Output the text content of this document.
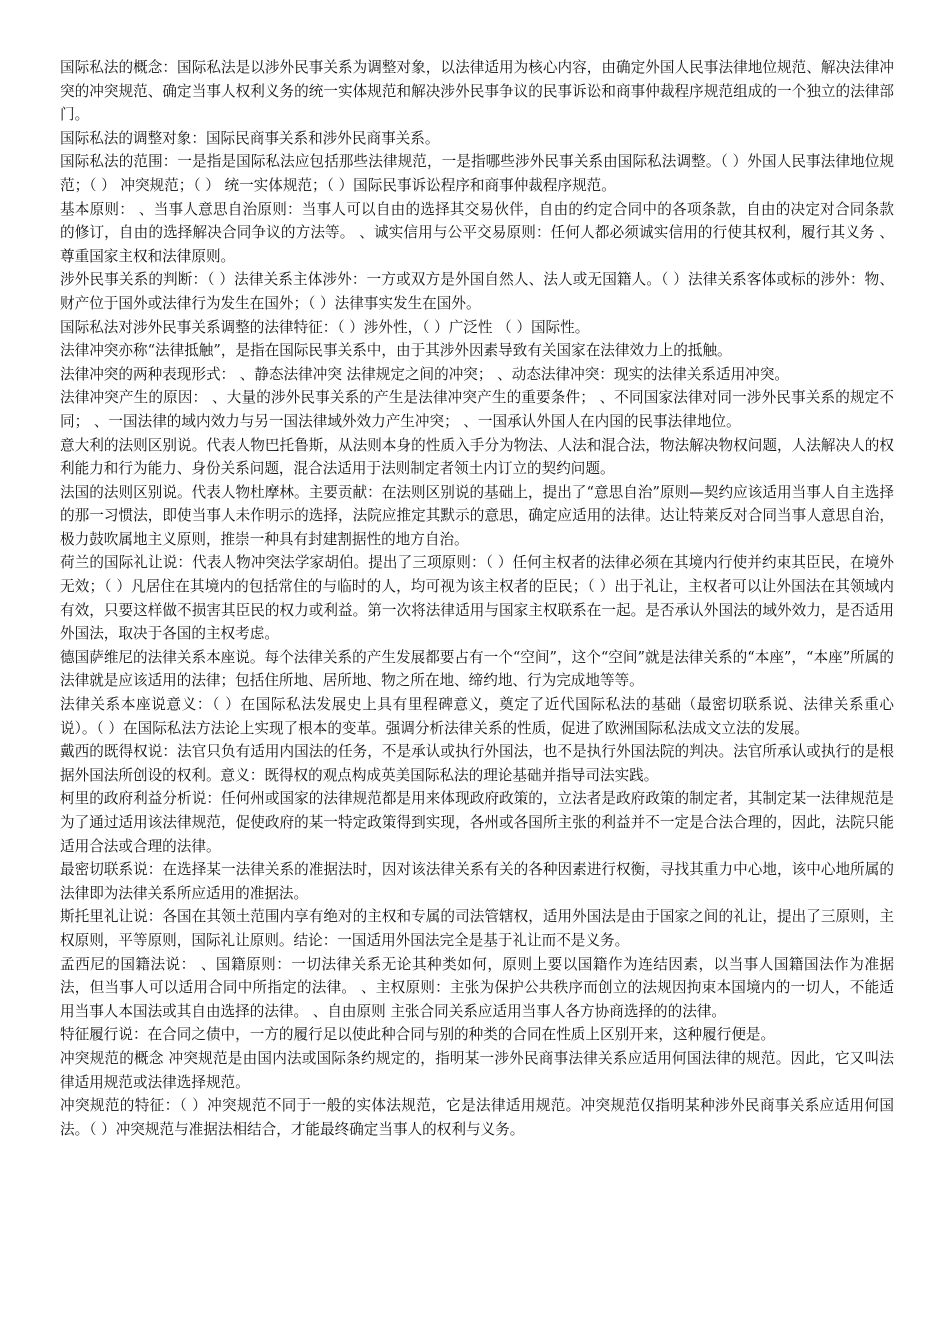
国际私法的概念：国际私法是以涉外民事关系为调整对象，以法律适用为核心内容，由确定外国人民事法律地位规范、解决法律冲突的冲突规范、确定当事人权利义务的统一实体规范和解决涉外民事争议的民事诉讼和商事仲裁程序规范组成的一个独立的法律部门。

国际私法的调整对象：国际民商事关系和涉外民商事关系。

国际私法的范围：一是指是国际私法应包括那些法律规范，一是指哪些涉外民事关系由国际私法调整。（ ）外国人民事法律地位规范；（ ） 冲突规范；（ ） 统一实体规范；（ ）国际民事诉讼程序和商事仲裁程序规范。

基本原则： 、当事人意思自治原则：当事人可以自由的选择其交易伙伴，自由的约定合同中的各项条款，自由的决定对合同条款的修订，自由的选择解决合同争议的方法等。 、诚实信用与公平交易原则：任何人都必须诚实信用的行使其权利，履行其义务 、尊重国家主权和法律原则。

涉外民事关系的判断：（ ）法律关系主体涉外：一方或双方是外国自然人、法人或无国籍人。（ ）法律关系客体或标的涉外：物、财产位于国外或法律行为发生在国外；（ ）法律事实发生在国外。

国际私法对涉外民事关系调整的法律特征：（ ）涉外性，（ ）广泛性 （ ）国际性。

法律冲突亦称“法律抵触”，是指在国际民事关系中，由于其涉外因素导致有关国家在法律效力上的抵触。

法律冲突的两种表现形式： 、静态法律冲突 法律规定之间的冲突； 、动态法律冲突：现实的法律关系适用冲突。

法律冲突产生的原因： 、大量的涉外民事关系的产生是法律冲突产生的重要条件； 、不同国家法律对同一涉外民事关系的规定不同； 、一国法律的域内效力与另一国法律域外效力产生冲突； 、一国承认外国人在内国的民事法律地位。

意大利的法则区别说。代表人物巴托鲁斯，从法则本身的性质入手分为物法、人法和混合法，物法解决物权问题，人法解决人的权利能力和行为能力、身份关系问题，混合法适用于法则制定者领土内订立的契约问题。

法国的法则区别说。代表人物杜摩林。主要贡献：在法则区别说的基础上，提出了“意思自治”原则—契约应该适用当事人自主选择的那一习惯法，即使当事人未作明示的选择，法院应推定其默示的意思，确定应适用的法律。达让特莱反对合同当事人意思自治，极力鼓吹属地主义原则，推崇一种具有封建割据性的地方自治。

荷兰的国际礼让说：代表人物冲突法学家胡伯。提出了三项原则：（ ）任何主权者的法律必须在其境内行使并约束其臣民，在境外无效；（ ）凡居住在其境内的包括常住的与临时的人，均可视为该主权者的臣民；（ ）出于礼让，主权者可以让外国法在其领域内有效，只要这样做不损害其臣民的权力或利益。第一次将法律适用与国家主权联系在一起。是否承认外国法的域外效力，是否适用外国法，取决于各国的主权考虑。

德国萨维尼的法律关系本座说。每个法律关系的产生发展都要占有一个“空间”，这个“空间”就是法律关系的“本座”，“本座”所属的法律就是应该适用的法律；包括住所地、居所地、物之所在地、缔约地、行为完成地等等。

法律关系本座说意义：（ ）在国际私法发展史上具有里程碑意义，奠定了近代国际私法的基础（最密切联系说、法律关系重心说）。（ ）在国际私法方法论上实现了根本的变革。强调分析法律关系的性质，促进了欧洲国际私法成文立法的发展。

戴西的既得权说：法官只负有适用内国法的任务，不是承认或执行外国法，也不是执行外国法院的判决。法官所承认或执行的是根据外国法所创设的权利。意义：既得权的观点构成英美国际私法的理论基础并指导司法实践。

柯里的政府利益分析说：任何州或国家的法律规范都是用来体现政府政策的，立法者是政府政策的制定者，其制定某一法律规范是为了通过适用该法律规范，促使政府的某一特定政策得到实现，各州或各国所主张的利益并不一定是合法合理的，因此，法院只能适用合法或合理的法律。

最密切联系说：在选择某一法律关系的准据法时，因对该法律关系有关的各种因素进行权衡，寻找其重力中心地，该中心地所属的法律即为法律关系所应适用的准据法。

斯托里礼让说：各国在其领土范围内享有绝对的主权和专属的司法管辖权，适用外国法是由于国家之间的礼让，提出了三原则，主权原则，平等原则，国际礼让原则。结论：一国适用外国法完全是基于礼让而不是义务。

孟西尼的国籍法说： 、国籍原则：一切法律关系无论其种类如何，原则上要以国籍作为连结因素，以当事人国籍国法作为准据法，但当事人可以适用合同中所指定的法律。 、主权原则：主张为保护公共秩序而创立的法规因拘束本国境内的一切人，不能适用当事人本国法或其自由选择的法律。 、自由原则 主张合同关系应适用当事人各方协商选择的的法律。

特征履行说：在合同之债中，一方的履行足以使此种合同与别的种类的合同在性质上区别开来，这种履行便是。

冲突规范的概念 冲突规范是由国内法或国际条约规定的，指明某一涉外民商事法律关系应适用何国法律的规范。因此，它又叫法律适用规范或法律选择规范。

冲突规范的特征：（ ）冲突规范不同于一般的实体法规范，它是法律适用规范。冲突规范仅指明某种涉外民商事关系应适用何国法。（ ）冲突规范与准据法相结合，才能最终确定当事人的权利与义务。
